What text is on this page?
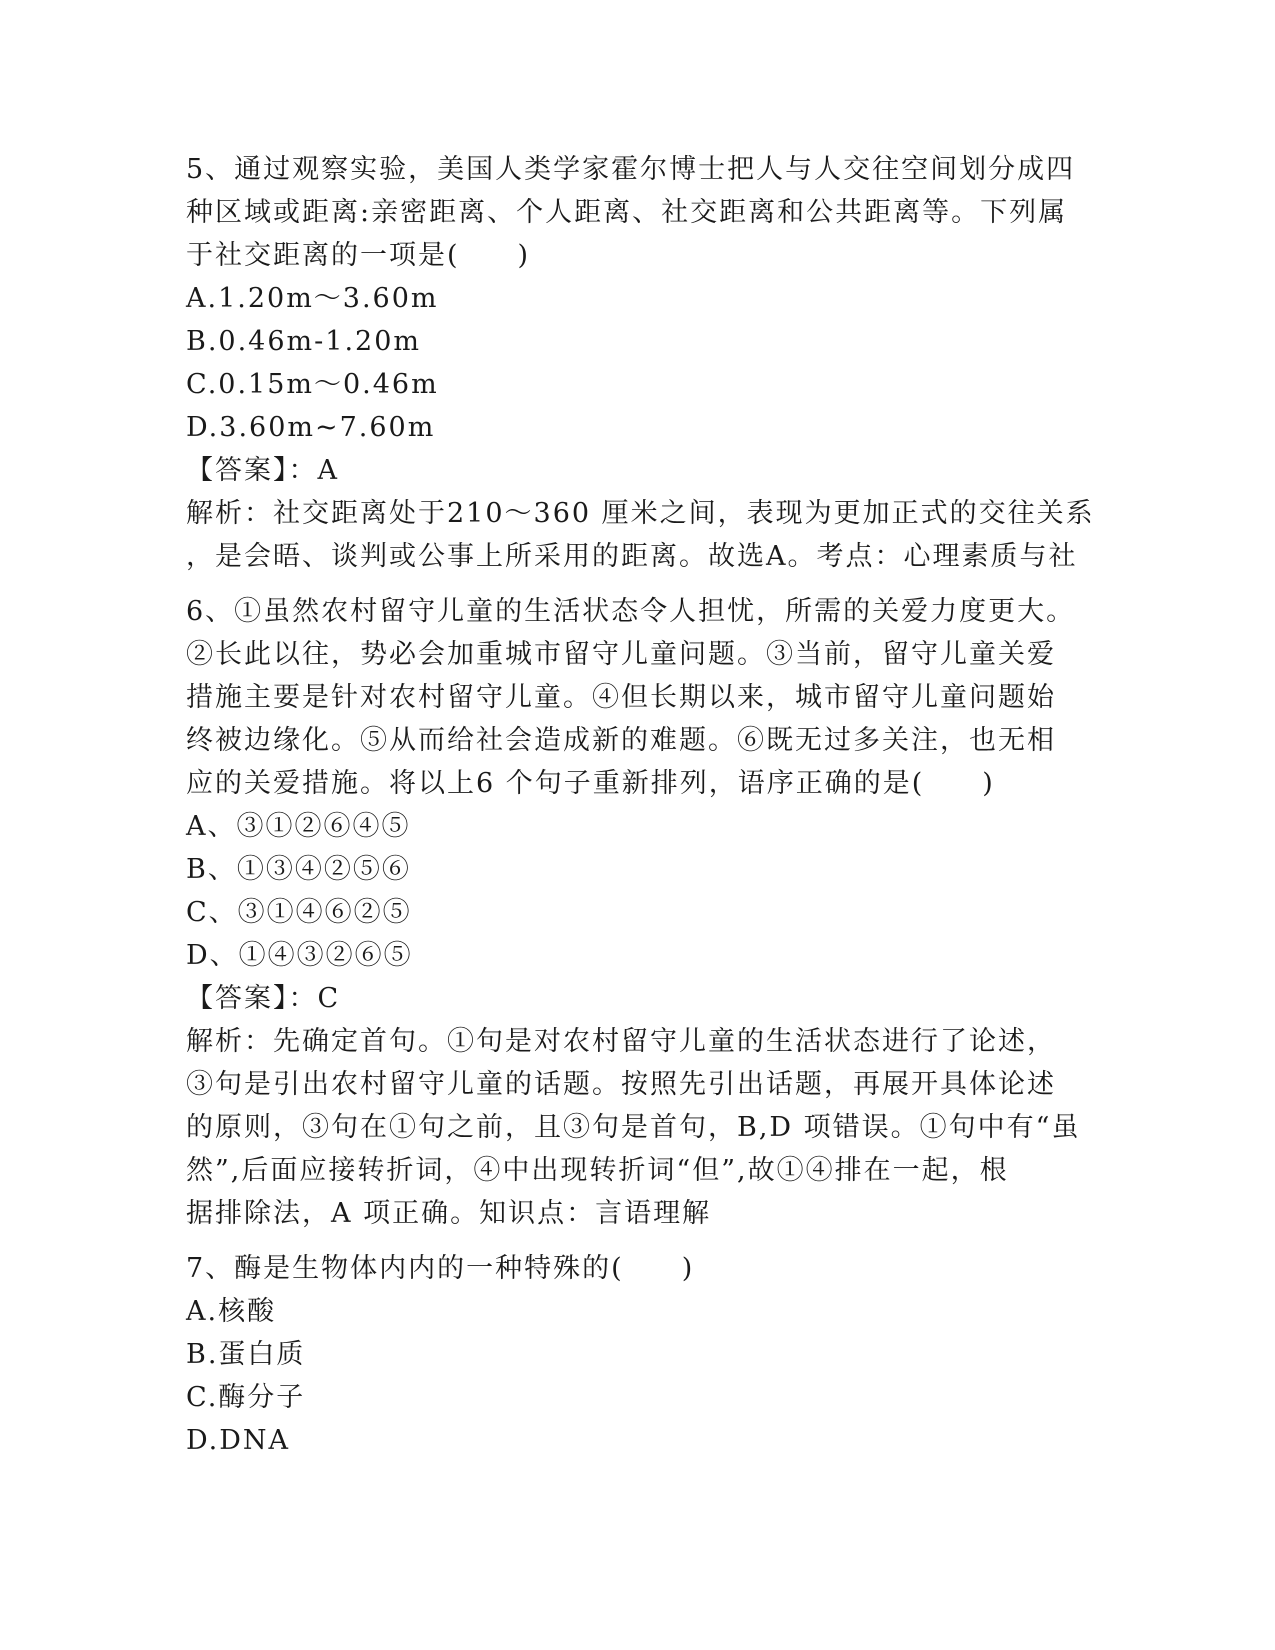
5、通过观察实验，美国人类学家霍尔博士把人与人交往空间划分成四
种区域或距离:亲密距离、个人距离、社交距离和公共距离等。下列属
于社交距离的一项是(　　)
A.1.20m～3.60m
B.0.46m-1.20m
C.0.15m～0.46m
D.3.60m~7.60m
【答案】：A
解析：社交距离处于210～360 厘米之间，表现为更加正式的交往关系
，是会晤、谈判或公事上所采用的距离。故选A。考点：心理素质与社
6、①虽然农村留守儿童的生活状态令人担忧，所需的关爱力度更大。
②长此以往，势必会加重城市留守儿童问题。③当前，留守儿童关爱
措施主要是针对农村留守儿童。④但长期以来，城市留守儿童问题始
终被边缘化。⑤从而给社会造成新的难题。⑥既无过多关注，也无相
应的关爱措施。将以上6 个句子重新排列，语序正确的是(　　)
A、③①②⑥④⑤
B、①③④②⑤⑥
C、③①④⑥②⑤
D、①④③②⑥⑤
【答案】：C
解析：先确定首句。①句是对农村留守儿童的生活状态进行了论述，
③句是引出农村留守儿童的话题。按照先引出话题，再展开具体论述
的原则，③句在①句之前，且③句是首句，B,D 项错误。①句中有“虽
然”,后面应接转折词，④中出现转折词“但”,故①④排在一起，根
据排除法，A 项正确。知识点：言语理解
7、酶是生物体内内的一种特殊的(　　)
A.核酸
B.蛋白质
C.酶分子
D.DNA
